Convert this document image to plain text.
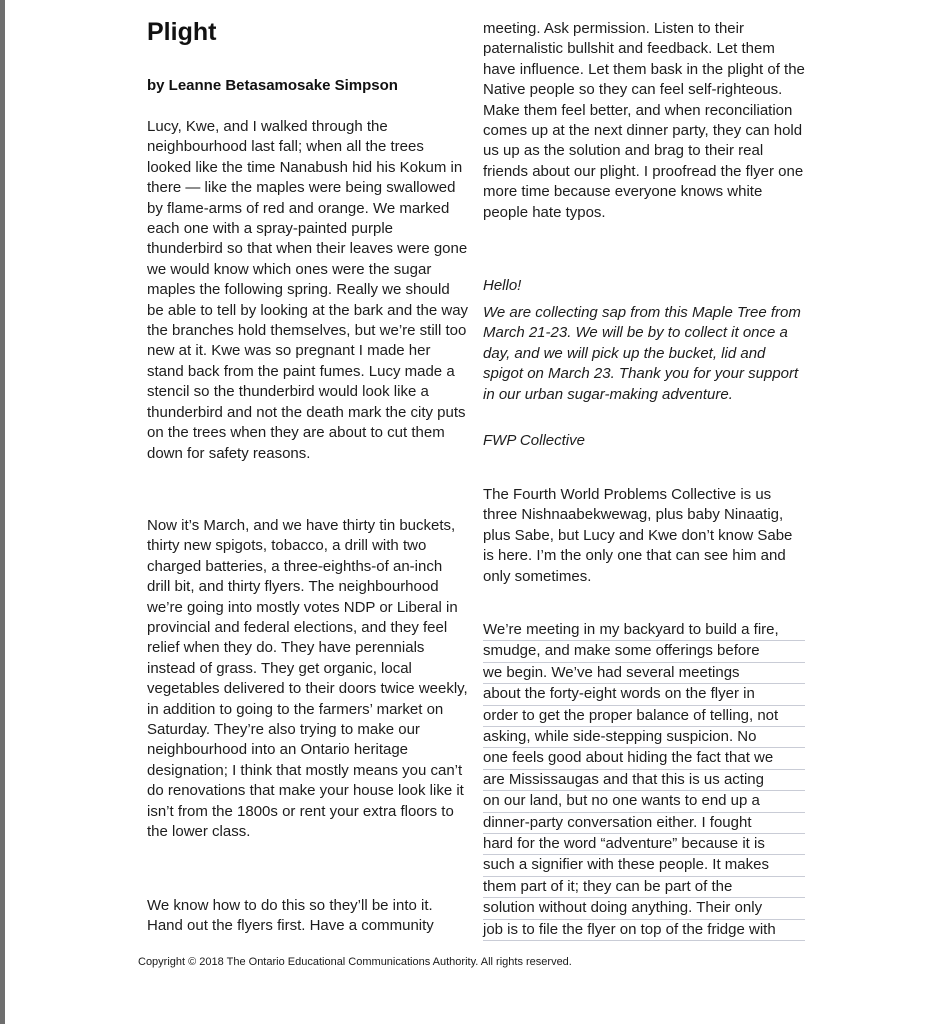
Plight

by Leanne Betasamosake Simpson

Lucy, Kwe, and I walked through the neighbourhood last fall; when all the trees looked like the time Nanabush hid his Kokum in there — like the maples were being swallowed by flame-arms of red and orange. We marked each one with a spray-painted purple thunderbird so that when their leaves were gone we would know which ones were the sugar maples the following spring. Really we should be able to tell by looking at the bark and the way the branches hold themselves, but we’re still too new at it. Kwe was so pregnant I made her stand back from the paint fumes. Lucy made a stencil so the thunderbird would look like a thunderbird and not the death mark the city puts on the trees when they are about to cut them down for safety reasons.

Now it’s March, and we have thirty tin buckets, thirty new spigots, tobacco, a drill with two charged batteries, a three-eighths-of an-inch drill bit, and thirty flyers. The neighbourhood we’re going into mostly votes NDP or Liberal in provincial and federal elections, and they feel relief when they do. They have perennials instead of grass. They get organic, local vegetables delivered to their doors twice weekly, in addition to going to the farmers’ market on Saturday. They’re also trying to make our neighbourhood into an Ontario heritage designation; I think that mostly means you can’t do renovations that make your house look like it isn’t from the 1800s or rent your extra floors to the lower class.

We know how to do this so they’ll be into it. Hand out the flyers first. Have a community

meeting. Ask permission. Listen to their paternalistic bullshit and feedback. Let them have influence. Let them bask in the plight of the Native people so they can feel self-righteous. Make them feel better, and when reconciliation comes up at the next dinner party, they can hold us up as the solution and brag to their real friends about our plight. I proofread the flyer one more time because everyone knows white people hate typos.

Hello!

We are collecting sap from this Maple Tree from March 21-23. We will be by to collect it once a day, and we will pick up the bucket, lid and spigot on March 23. Thank you for your support in our urban sugar-making adventure.

FWP Collective

The Fourth World Problems Collective is us three Nishnaabekwewag, plus baby Ninaatig, plus Sabe, but Lucy and Kwe don’t know Sabe is here. I’m the only one that can see him and only sometimes.

We’re meeting in my backyard to build a fire,
smudge, and make some offerings before
we begin. We’ve had several meetings
about the forty-eight words on the flyer in
order to get the proper balance of telling, not
asking, while side-stepping suspicion. No
one feels good about hiding the fact that we
are Mississaugas and that this is us acting
on our land, but no one wants to end up a
dinner-party conversation either. I fought
hard for the word “adventure” because it is
such a signifier with these people. It makes
them part of it; they can be part of the
solution without doing anything. Their only
job is to file the flyer on top of the fridge with

Copyright © 2018 The Ontario Educational Communications Authority. All rights reserved.
